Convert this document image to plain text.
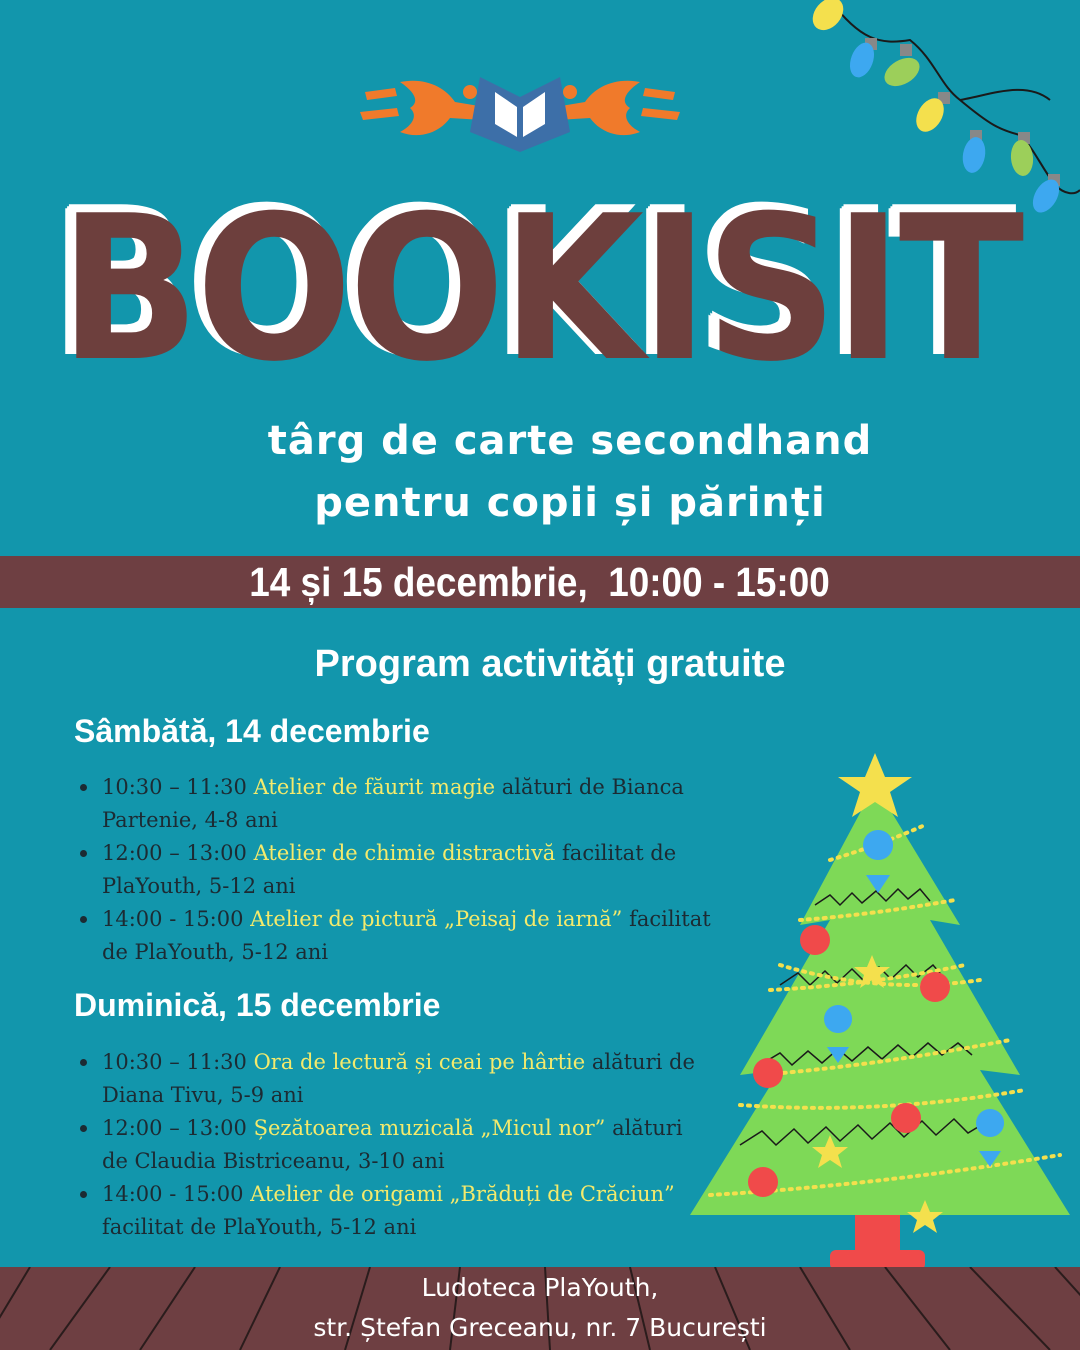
BOOKISIT
târg de carte secondhand
pentru copii și părinți
14 și 15 decembrie,  10:00 - 15:00
Program activități gratuite
Sâmbătă, 14 decembrie
10:30 – 11:30 Atelier de făurit magie alături de Bianca Partenie, 4-8 ani
12:00 – 13:00 Atelier de chimie distractivă facilitat de PlaYouth, 5-12 ani
14:00 - 15:00 Atelier de pictură „Peisaj de iarnă” facilitat de PlaYouth, 5-12 ani
Duminică, 15 decembrie
10:30 – 11:30 Ora de lectură și ceai pe hârtie alături de Diana Tivu, 5-9 ani
12:00 – 13:00 Șezătoarea muzicală „Micul nor” alături de Claudia Bistriceanu, 3-10 ani
14:00 - 15:00 Atelier de origami „Brăduți de Crăciun” facilitat de PlaYouth, 5-12 ani
Ludoteca PlaYouth,
str. Ștefan Greceanu, nr. 7 București
